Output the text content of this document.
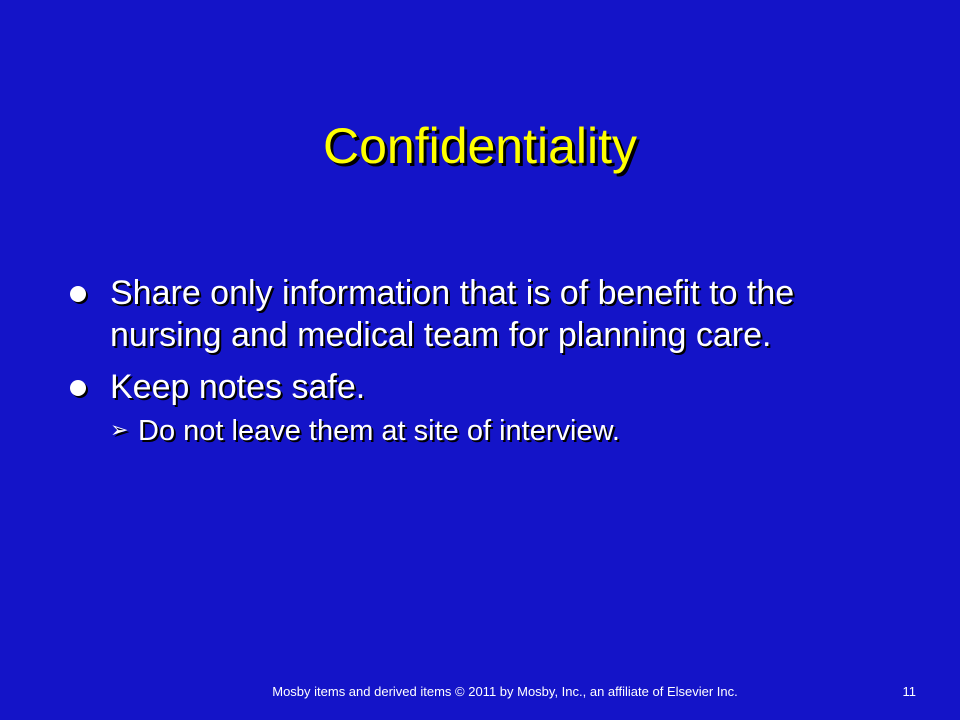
Confidentiality
Share only information that is of benefit to the nursing and medical team for planning care.
Keep notes safe.
➢ Do not leave them at site of interview.
Mosby items and derived items © 2011 by Mosby, Inc., an affiliate of Elsevier Inc.	11
